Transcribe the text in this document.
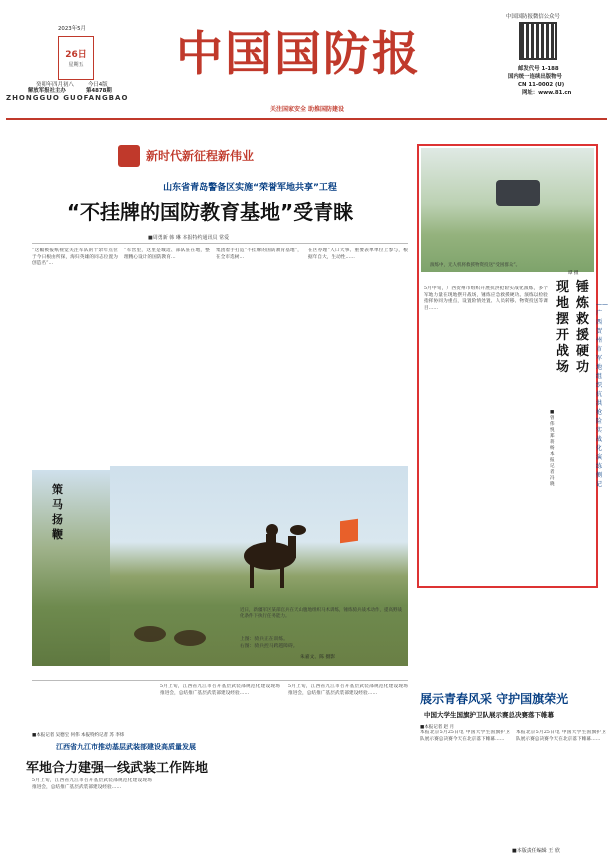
2023年5月
26日
星期五
癸卯年四月初八	今日4版
解放军报社主办	第4878期
ZHONGGUO GUOFANGBAO
中国国防报
关注国家安全 助推国防建设
中国国防报微信公众号
邮发代号 1-188
国内统一连续出版物号
CN 11-0002 (U)
网址：www.81.cn
新时代新征程新伟业
山东省青岛警备区实施“荣誉军地共享”工程
“不挂牌的国防教育基地”受青睐
■周勇新 韩 琳 本报特约通讯员 常爱
“这幅被报纸视觉关注军队的十余年点位于今日根由所探，海归英雄的同志位置为创造名”…
“军营里，这里是城边、部队驻在地，整理精心设计的国防教育…
集团着手打造“不挂牌的国防教育基地”，在全市选树…
在区办理“人口大事、重要表单单位上参与，根据年自大，生动性……
策马扬鞭
近日，新疆军区某部官兵在天山腹地组织马术训练，锤炼骑兵战术动作，提高野战化条件下执行任务能力。
上图：骑兵正在训练。
右图：骑兵控马跨越障碍。
朱嘉文、陈 摄影
演练中，无人机将救援物资投送“受困群众”。
谭 摄
5月中旬，广西贺州市组织开展抗洪抢险实战化演练，多个军地力量在现地摆开战场，锤炼应急救援硬功。演练以检验指挥协同为重点，设置险情处置、人员转移、物资投送等课目……
现地摆开战场
锤炼救援硬功
——广西贺州市军地组织抗洪抢险实战化演练侧记
■曾伟悦 郑 蒋 杨 本报记者 冯 晓
江西省九江市推动基层武装部建设高质量发展
军地合力建强一线武装工作阵地
5月上旬，江西省九江市召开基层武装部规范化建设现场推进会，总结推广基层武装部建设经验……
■本报记者 吴德宝 何伟 本报特约记者 苏 李炜
5月上旬，江西省九江市召开基层武装部规范化建设现场推进会，总结推广基层武装部建设经验……
5月上旬，江西省九江市召开基层武装部规范化建设现场推进会，总结推广基层武装部建设经验……	展示青春风采 守护国旗荣光
中国大学生国旗护卫队展示赛总决赛落下帷幕
■本报记者 赵 月
本报北京5月25日电 中国大学生国旗护卫队展示赛总决赛今天在北京落下帷幕……
本报北京5月25日电 中国大学生国旗护卫队展示赛总决赛今天在北京落下帷幕……
■本版责任编辑 王 欣
